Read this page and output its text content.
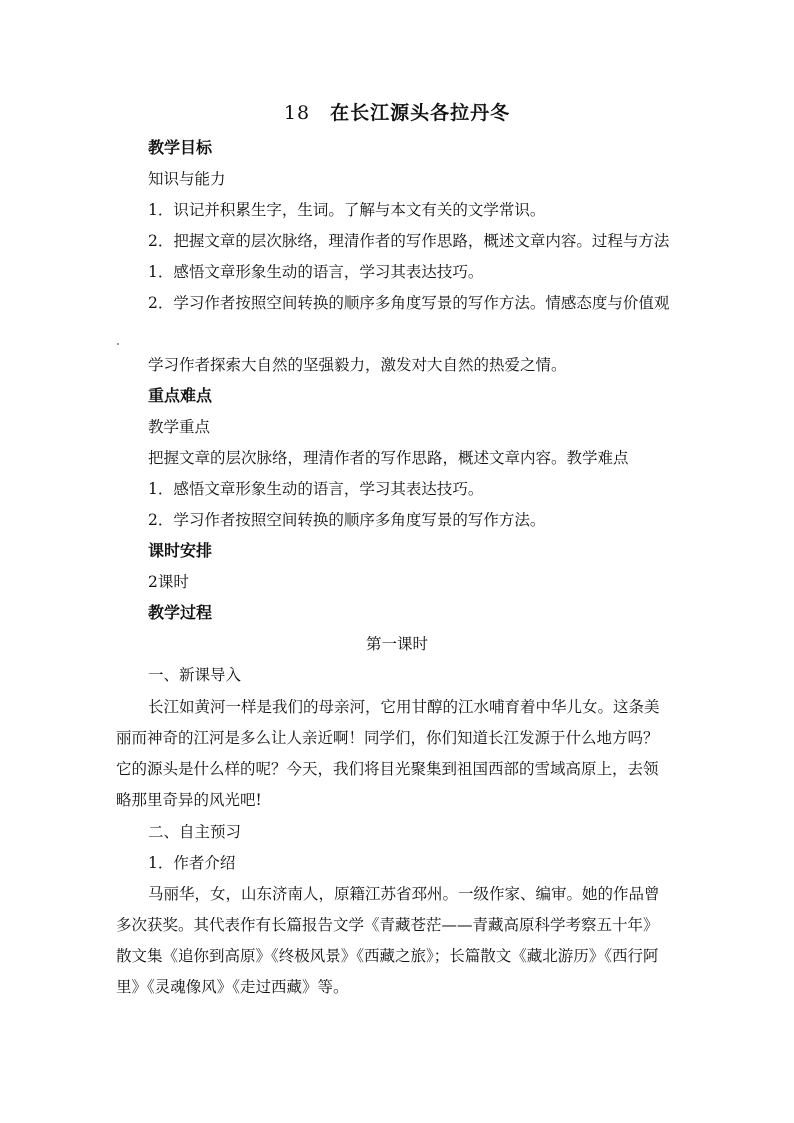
18 在长江源头各拉丹冬
教学目标
知识与能力
1．识记并积累生字，生词。了解与本文有关的文学常识。
2．把握文章的层次脉络，理清作者的写作思路，概述文章内容。过程与方法
1．感悟文章形象生动的语言，学习其表达技巧。
2．学习作者按照空间转换的顺序多角度写景的写作方法。情感态度与价值观
学习作者探索大自然的坚强毅力，激发对大自然的热爱之情。
重点难点
教学重点
把握文章的层次脉络，理清作者的写作思路，概述文章内容。教学难点
1．感悟文章形象生动的语言，学习其表达技巧。
2．学习作者按照空间转换的顺序多角度写景的写作方法。
课时安排
2课时
教学过程
第一课时
一、新课导入
长江如黄河一样是我们的母亲河，它用甘醇的江水哺育着中华儿女。这条美
丽而神奇的江河是多么让人亲近啊！同学们，你们知道长江发源于什么地方吗？
它的源头是什么样的呢？今天，我们将目光聚集到祖国西部的雪域高原上，去领
略那里奇异的风光吧!
二、自主预习
1．作者介绍
马丽华，女，山东济南人，原籍江苏省邳州。一级作家、编审。她的作品曾
多次获奖。其代表作有长篇报告文学《青藏苍茫——青藏高原科学考察五十年》
散文集《追你到高原》《终极风景》《西藏之旅》；长篇散文《藏北游历》《西行阿
里》《灵魂像风》《走过西藏》等。
